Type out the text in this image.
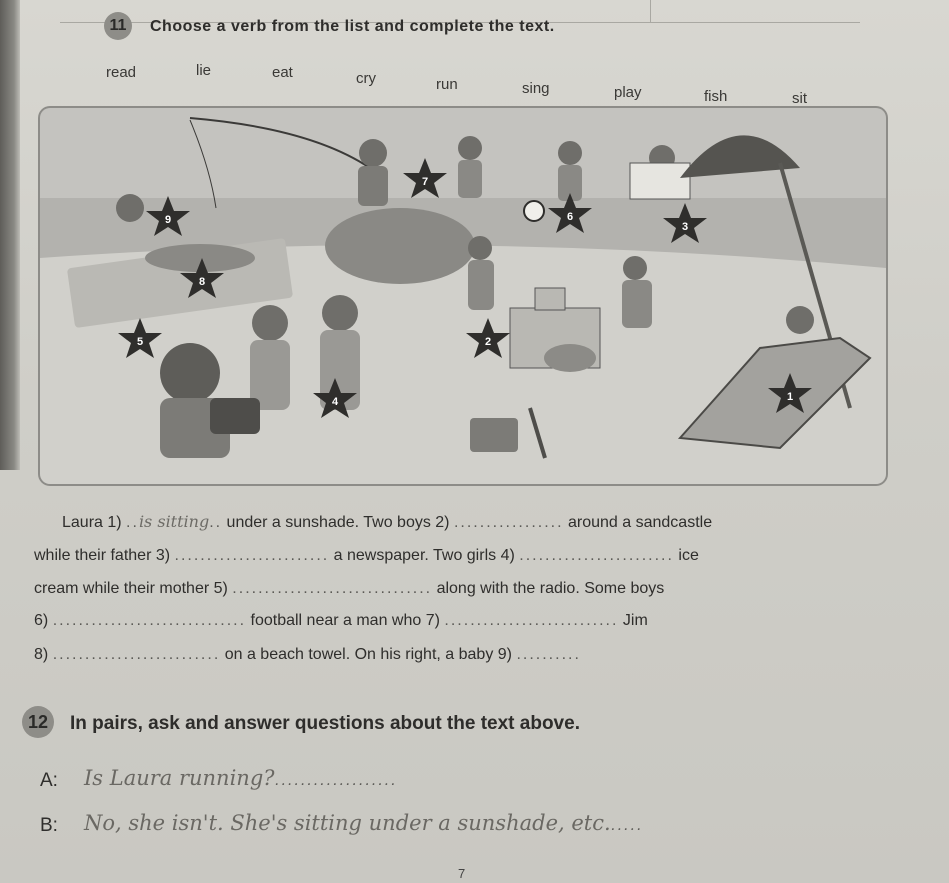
11	Choose a verb from the list and complete the text.
read	lie	eat	cry	run	sing	play	fish	sit
1
2
3
4
5
6
7
8
9
Laura 1) ..is sitting.. under a sunshade. Two boys 2) ................. around a sandcastle
while their father 3) ........................ a newspaper. Two girls 4) ........................ ice
cream while their mother 5) ............................... along with the radio. Some boys
6) .............................. football near a man who 7) ........................... Jim
8) .......................... on a beach towel. On his right, a baby 9) ..........
12	In pairs, ask and answer questions about the text above.
A: Is Laura running?...................
B: No, she isn't. She's sitting under a sunshade, etc......
7
